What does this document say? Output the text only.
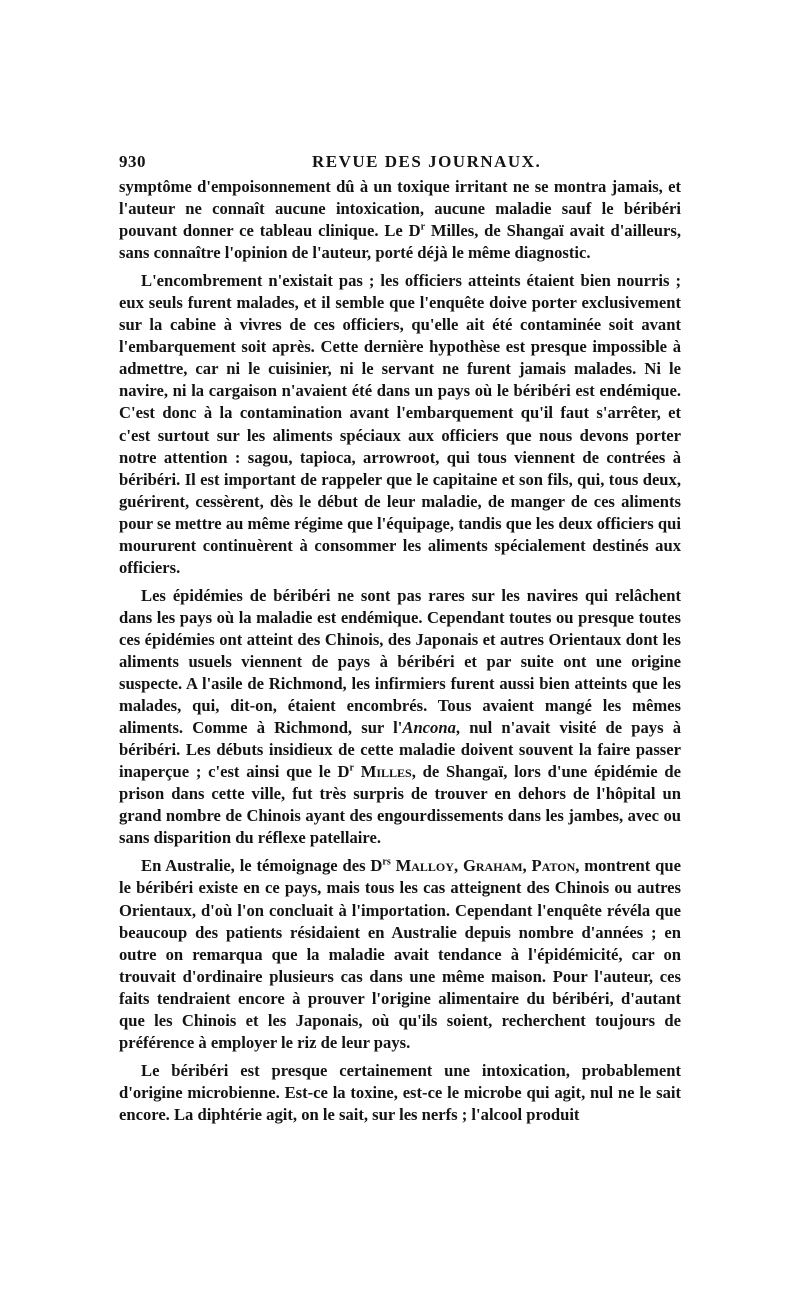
930	REVUE DES JOURNAUX.

symptôme d'empoisonnement dû à un toxique irritant ne se montra jamais, et l'auteur ne connaît aucune intoxication, aucune maladie sauf le béribéri pouvant donner ce tableau clinique. Le $D^r$ Milles, de Shangaï avait d'ailleurs, sans connaître l'opinion de l'auteur, porté déjà le même diagnostic.

L'encombrement n'existait pas ; les officiers atteints étaient bien nourris ; eux seuls furent malades, et il semble que l'enquête doive porter exclusivement sur la cabine à vivres de ces officiers, qu'elle ait été contaminée soit avant l'embarquement soit après. Cette dernière hypothèse est presque impossible à admettre, car ni le cuisinier, ni le servant ne furent jamais malades. Ni le navire, ni la cargaison n'avaient été dans un pays où le béribéri est endémique. C'est donc à la contamination avant l'embarquement qu'il faut s'arrêter, et c'est surtout sur les aliments spéciaux aux officiers que nous devons porter notre attention : sagou, tapioca, arrowroot, qui tous viennent de contrées à béribéri. Il est important de rappeler que le capitaine et son fils, qui, tous deux, guérirent, cessèrent, dès le début de leur maladie, de manger de ces aliments pour se mettre au même régime que l'équipage, tandis que les deux officiers qui moururent continuèrent à consommer les aliments spécialement destinés aux officiers.

Les épidémies de béribéri ne sont pas rares sur les navires qui relâchent dans les pays où la maladie est endémique. Cependant toutes ou presque toutes ces épidémies ont atteint des Chinois, des Japonais et autres Orientaux dont les aliments usuels viennent de pays à béribéri et par suite ont une origine suspecte. A l'asile de Richmond, les infirmiers furent aussi bien atteints que les malades, qui, dit-on, étaient encombrés. Tous avaient mangé les mêmes aliments. Comme à Richmond, sur l'Ancona, nul n'avait visité de pays à béribéri. Les débuts insidieux de cette maladie doivent souvent la faire passer inaperçue ; c'est ainsi que le $D^r$ Milles, de Shangaï, lors d'une épidémie de prison dans cette ville, fut très surpris de trouver en dehors de l'hôpital un grand nombre de Chinois ayant des engourdissements dans les jambes, avec ou sans disparition du réflexe patellaire.

En Australie, le témoignage des $D^{rs}$ Malloy, Graham, Paton, montrent que le béribéri existe en ce pays, mais tous les cas atteignent des Chinois ou autres Orientaux, d'où l'on concluait à l'importation. Cependant l'enquête révéla que beaucoup des patients résidaient en Australie depuis nombre d'années ; en outre on remarqua que la maladie avait tendance à l'épidémicité, car on trouvait d'ordinaire plusieurs cas dans une même maison. Pour l'auteur, ces faits tendraient encore à prouver l'origine alimentaire du béribéri, d'autant que les Chinois et les Japonais, où qu'ils soient, recherchent toujours de préférence à employer le riz de leur pays.

Le béribéri est presque certainement une intoxication, probablement d'origine microbienne. Est-ce la toxine, est-ce le microbe qui agit, nul ne le sait encore. La diphtérie agit, on le sait, sur les nerfs ; l'alcool produit
